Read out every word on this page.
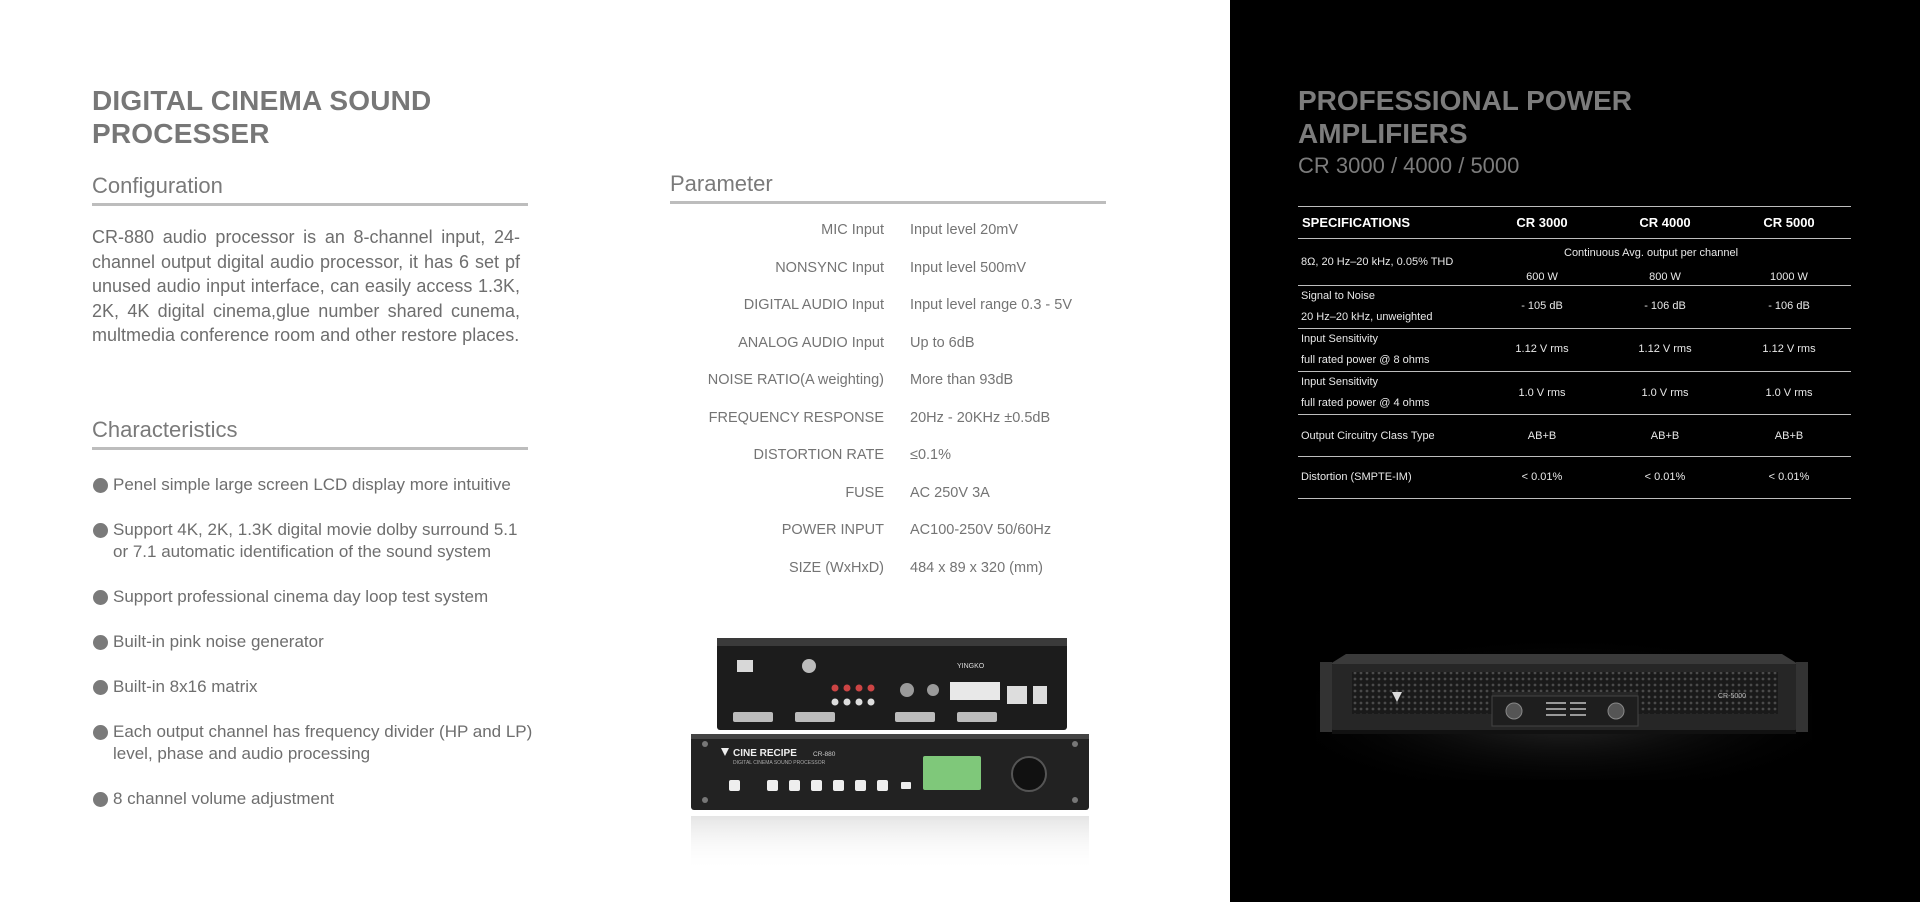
DIGITAL CINEMA SOUND
PROCESSER
Configuration

CR-880 audio processor is an 8-channel input, 24-channel output digital audio processor, it has 6 set pf unused audio input interface, can easily access 1.3K, 2K, 4K digital cinema,glue number shared cunema, multmedia conference room and other restore places.

Characteristics
Penel simple large screen LCD display more intuitive
Support 4K, 2K, 1.3K digital movie dolby surround 5.1
or 7.1 automatic identification of the sound system
Support professional cinema day loop test system
Built-in pink noise generator
Built-in 8x16 matrix
Each output channel has frequency divider (HP and LP)
level, phase and audio processing
8 channel volume adjustment
Parameter
MIC Input Input level 20mV
NONSYNC Input Input level 500mV
DIGITAL AUDIO Input Input level range 0.3 - 5V
ANALOG AUDIO Input Up to 6dB
NOISE RATIO(A weighting) More than 93dB
FREQUENCY RESPONSE 20Hz - 20KHz ±0.5dB
DISTORTION RATE ≤0.1%
FUSE AC 250V 3A
POWER INPUT AC100-250V 50/60Hz
SIZE (WxHxD) 484 x 89 x 320 (mm)
YINGKO
CINE RECIPE CR-880
DIGITAL CINEMA SOUND PROCESSOR
PROFESSIONAL POWER
AMPLIFIERS
CR 3000 / 4000 / 5000
SPECIFICATIONS	CR 3000	CR 4000	CR 5000
8Ω, 20 Hz–20 kHz, 0.05% THD
Continuous Avg. output per channel
600 W	800 W	1000 W
Signal to Noise
20 Hz–20 kHz, unweighted
- 105 dB	- 106 dB	- 106 dB
Input Sensitivity
full rated power @ 8 ohms
1.12 V rms	1.12 V rms	1.12 V rms
Input Sensitivity
full rated power @ 4 ohms
1.0 V rms	1.0 V rms	1.0 V rms
Output Circuitry Class Type	AB+B	AB+B	AB+B
Distortion (SMPTE-IM)	< 0.01%	< 0.01%	< 0.01%
CR-5000
